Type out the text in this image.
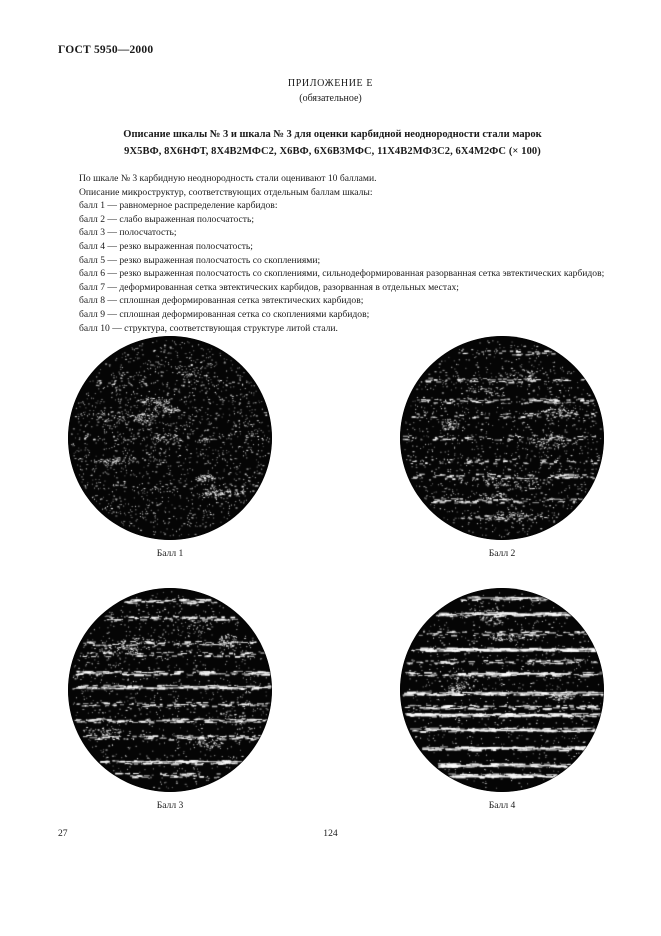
ГОСТ 5950—2000
ПРИЛОЖЕНИЕ Е
(обязательное)
Описание шкалы № 3 и шкала № 3 для оценки карбидной неоднородности стали марок
9Х5ВФ, 8Х6НФТ, 8Х4В2МФС2, Х6ВФ, 6Х6В3МФС, 11Х4В2МФ3С2, 6Х4М2ФС (× 100)

По шкале № 3 карбидную неоднородность стали оценивают 10 баллами.

Описание микроструктур, соответствующих отдельным баллам шкалы:

балл 1 — равномерное распределение карбидов:

балл 2 — слабо выраженная полосчатость;

балл 3 — полосчатость;

балл 4 — резко выраженная полосчатость;

балл 5 — резко выраженная полосчатость со скоплениями;

балл 6 — резко выраженная полосчатость со скоплениями, сильнодеформированная разорванная сетка эвтектических карбидов;

балл 7 — деформированная сетка эвтектических карбидов, разорванная в отдельных местах;

балл 8 — сплошная деформированная сетка эвтектических карбидов;

балл 9 — сплошная деформированная сетка со скоплениями карбидов;

балл 10 — структура, соответствующая структуре литой стали.

Балл 1	Балл 2
Балл 3	Балл 4
27	124
